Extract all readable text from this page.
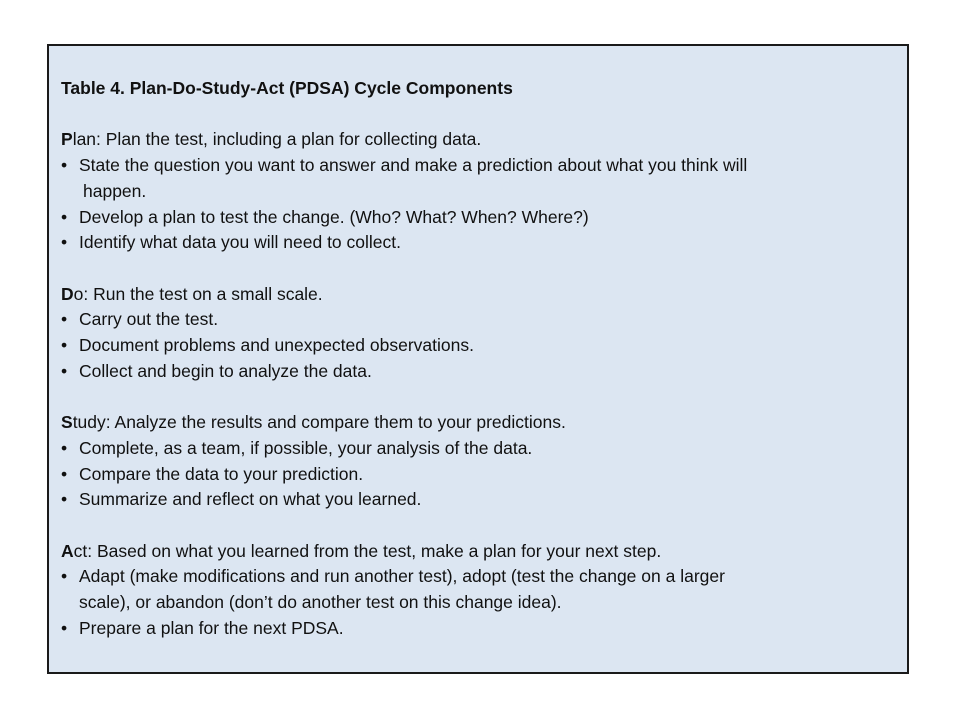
Table 4. Plan-Do-Study-Act (PDSA) Cycle Components

Plan: Plan the test, including a plan for collecting data.

• State the question you want to answer and make a prediction about what you think will
happen.
• Develop a plan to test the change. (Who? What? When? Where?)
• Identify what data you will need to collect.

Do: Run the test on a small scale.

• Carry out the test.
• Document problems and unexpected observations.
• Collect and begin to analyze the data.

Study: Analyze the results and compare them to your predictions.

• Complete, as a team, if possible, your analysis of the data.
• Compare the data to your prediction.
• Summarize and reflect on what you learned.

Act: Based on what you learned from the test, make a plan for your next step.

• Adapt (make modifications and run another test), adopt (test the change on a larger
scale), or abandon (don’t do another test on this change idea).
• Prepare a plan for the next PDSA.
